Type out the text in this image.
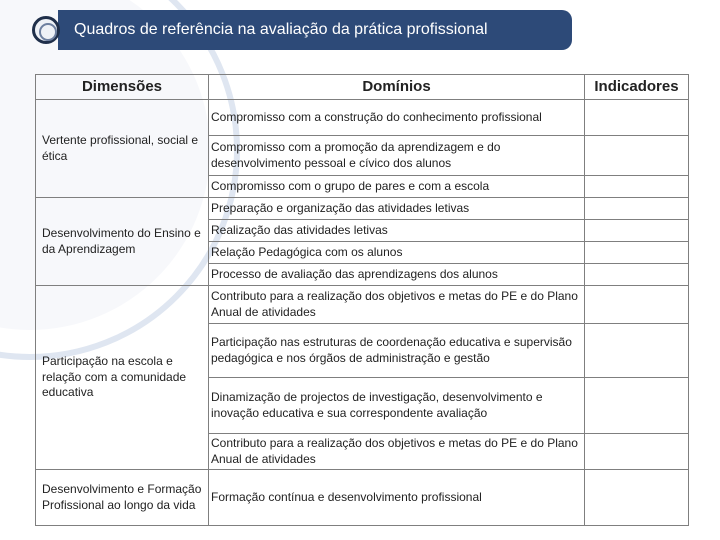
Quadros de referência na avaliação da prática profissional
Dimensões	Domínios	Indicadores
Vertente profissional, social e ética	Compromisso com a construção do conhecimento profissional	
	Compromisso com a promoção da aprendizagem e do desenvolvimento pessoal e cívico dos alunos	
	Compromisso com o grupo de pares e com a escola	
Desenvolvimento do Ensino e da Aprendizagem	Preparação e organização das atividades letivas	
	Realização das atividades letivas	
	Relação Pedagógica com os alunos	
	Processo de avaliação das aprendizagens dos alunos	
Participação na escola e relação com a comunidade educativa	Contributo para a realização dos objetivos e metas do PE e do Plano Anual de atividades	
	Participação nas estruturas de coordenação educativa e supervisão pedagógica e nos órgãos de administração e gestão	
	Dinamização de projectos de investigação, desenvolvimento e inovação educativa e sua correspondente avaliação	
	Contributo para a realização dos objetivos e metas do PE e do Plano Anual de atividades	
Desenvolvimento e Formação Profissional ao longo da vida	Formação contínua e desenvolvimento profissional	
